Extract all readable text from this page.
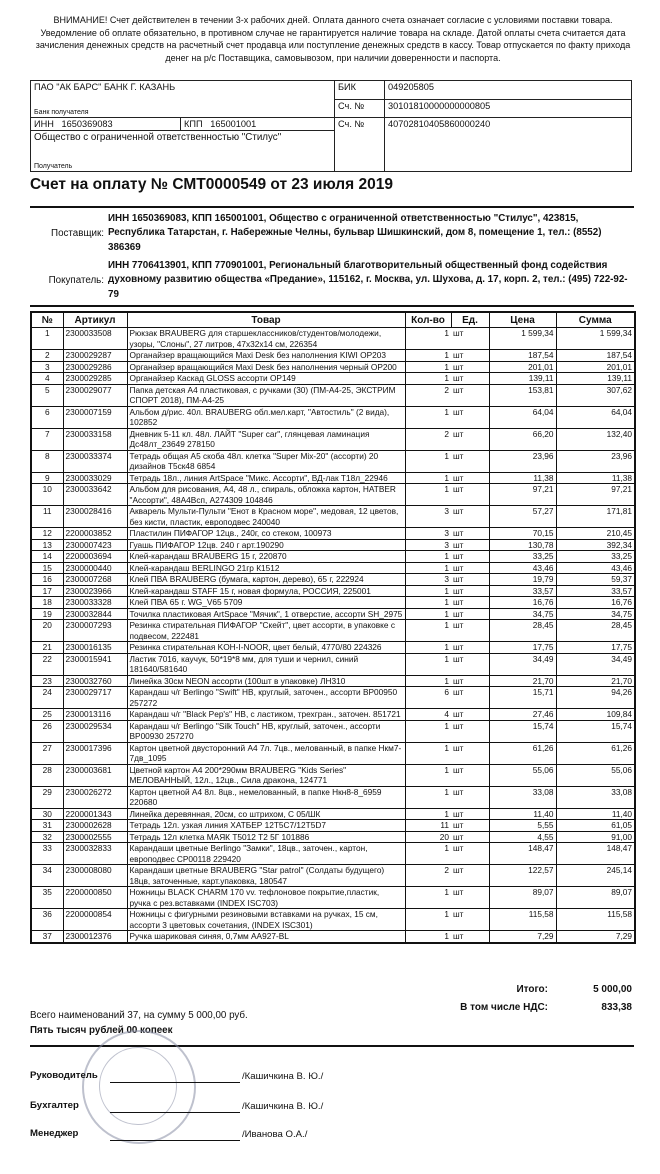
ВНИМАНИЕ! Счет действителен в течении 3-х рабочих дней. Оплата данного счета означает согласие с условиями поставки товара. Уведомление об оплате обязательно, в противном случае не гарантируется наличие товара на складе. Датой оплаты счета считается дата зачисления денежных средств на расчетный счет продавца или поступление денежных средств в кассу. Товар отпускается по факту прихода денег на р/с Поставщика, самовывозом, при наличии доверенности и паспорта.
ПАО "АК БАРС" БАНК Г. КАЗАНЬ
Банк получателя		БИК	049205805
		Сч. №	30101810000000000805
ИНН 1650369083	КПП 165001001	Сч. №	40702810405860000240

Общество с ограниченной ответственностью "Стилус"
Получатель			
Счет на оплату № СМТ0000549 от 23 июля 2019
Поставщик:
ИНН 1650369083, КПП 165001001, Общество с ограниченной ответственностью "Стилус", 423815, Республика Татарстан, г. Набережные Челны, бульвар Шишкинский, дом 8, помещение 1, тел.: (8552) 386369
Покупатель:
ИНН 7706413901, КПП 770901001, Региональный благотворительный общественный фонд содействия духовному развитию общества «Предание», 115162, г. Москва, ул. Шухова, д. 17, корп. 2, тел.: (495) 722-92-79
№	Артикул	Товар	Кол-во	Ед.	Цена	Сумма
1	2300033508	Рюкзак BRAUBERG для старшеклассников/студентов/молодежи, узоры, "Слоны", 27 литров, 47х32х14 см, 226354	1	шт	1 599,34	1 599,34
2	2300029287	Органайзер вращающийся Maxi Desk без наполнения KIWI OP203	1	шт	187,54	187,54
3	2300029286	Органайзер вращающийся Maxi Desk без наполнения черный OP200	1	шт	201,01	201,01
4	2300029285	Органайзер Каскад GLOSS ассорти OP149	1	шт	139,11	139,11
5	2300029077	Папка детская А4 пластиковая, с ручками (30) (ПМ-А4-25, ЭКСТРИМ СПОРТ 2018), ПМ-А4-25	2	шт	153,81	307,62
6	2300007159	Альбом д/рис. 40л. BRAUBERG обл.мел.карт, "Автостиль" (2 вида), 102852	1	шт	64,04	64,04
7	2300033158	Дневник 5-11 кл. 48л. ЛАЙТ "Super car", глянцевая ламинация Дс48лт_23649 278150	2	шт	66,20	132,40
8	2300033374	Тетрадь общая А5 скоба 48л. клетка "Super Mix-20" (ассорти) 20 дизайнов Т5ск48 6854	1	шт	23,96	23,96
9	2300033029	Тетрадь 18л., линия ArtSpace "Микс. Ассорти", ВД-лак Т18л_22946	1	шт	11,38	11,38
10	2300033642	Альбом для рисования, А4, 48 л., спираль, обложка картон, HATBER "Ассорти", 48А4Всп, А274309 104846	1	шт	97,21	97,21
11	2300028416	Акварель Мульти-Пульти "Енот в Красном море", медовая, 12 цветов, без кисти, пластик, европодвес 240040	3	шт	57,27	171,81
12	2200003852	Пластилин ПИФАГОР 12цв., 240г, со стеком, 100973	3	шт	70,15	210,45
13	2300007423	Гуашь ПИФАГОР 12цв. 240 г арт.190290	3	шт	130,78	392,34
14	2200003694	Клей-карандаш BRAUBERG 15 г, 220870	1	шт	33,25	33,25
15	2300000440	Клей-карандаш BERLINGO 21гр К1512	1	шт	43,46	43,46
16	2300007268	Клей ПВА BRAUBERG (бумага, картон, дерево), 65 г, 222924	3	шт	19,79	59,37
17	2300023966	Клей-карандаш STAFF 15 г, новая формула, РОССИЯ, 225001	1	шт	33,57	33,57
18	2300033328	Клей ПВА 65 г. WG_V65 5709	1	шт	16,76	16,76
19	2300032844	Точилка пластиковая ArtSpace "Мячик", 1 отверстие, ассорти SH_2975	1	шт	34,75	34,75
20	2300007293	Резинка стирательная ПИФАГОР "Скейт", цвет ассорти, в упаковке с подвесом, 222481	1	шт	28,45	28,45
21	2300016135	Резинка стирательная KOH-I-NOOR, цвет белый, 4770/80 224326	1	шт	17,75	17,75
22	2300015941	Ластик 7016, каучук, 50*19*8 мм, для туши и чернил, синий 181640/581640	1	шт	34,49	34,49
23	2300032760	Линейка 30см NEON ассорти (100шт в упаковке) ЛН310	1	шт	21,70	21,70
24	2300029717	Карандаш ч/г Berlingo "Swift" HB, круглый, заточен., ассорти BP00950 257272	6	шт	15,71	94,26
25	2300013116	Карандаш ч/г "Black Pep's" HB, с ластиком, трехгран., заточен. 851721	4	шт	27,46	109,84
26	2300029534	Карандаш ч/г Berlingo "Silk Touch" HB, круглый, заточен., ассорти BP00930 257270	1	шт	15,74	15,74
27	2300017396	Картон цветной двусторонний А4 7л. 7цв., мелованный, в папке Нкм7-7дв_1095	1	шт	61,26	61,26
28	2300003681	Цветной картон А4 200*290мм BRAUBERG "Kids Series" МЕЛОВАННЫЙ, 12л., 12цв., Сила дракона, 124771	1	шт	55,06	55,06
29	2300026272	Картон цветной А4 8л. 8цв., немелованный, в папке Нкн8-8_6959 220680	1	шт	33,08	33,08
30	2200001343	Линейка деревянная, 20см, со штрихом, С 05/ШК	1	шт	11,40	11,40
31	2300002628	Тетрадь 12л. узкая линия ХАТБЕР 12Т5С7/12Т5D7	11	шт	5,55	61,05
32	2300002555	Тетрадь 12л клетка МАЯК Т5012 Т2 5Г 101886	20	шт	4,55	91,00
33	2300032833	Карандаши цветные Berlingo "Замки", 18цв., заточен., картон, европодвес CP00118 229420	1	шт	148,47	148,47
34	2300008080	Карандаши цветные BRAUBERG "Star patrol" (Солдаты будущего) 18цв, заточенные, карт.упаковка, 180547	2	шт	122,57	245,14
35	2200000850	Ножницы BLACK CHARM 170 vv. тефлоновое покрытие,пластик, ручка с рез.вставками (INDEX ISC703)	1	шт	89,07	89,07
36	2200000854	Ножницы с фигурными резиновыми вставками на ручках, 15 см, ассорти 3 цветовых сочетания, (INDEX ISC301)	1	шт	115,58	115,58
37	2300012376	Ручка шариковая синяя, 0,7мм АА927-BL	1	шт	7,29	7,29
Итого:	5 000,00
В том числе НДС:	833,38
Всего наименований 37, на сумму 5 000,00 руб.
Пять тысяч рублей 00 копеек
Руководитель	/Кашичкина В. Ю./
Бухгалтер	/Кашичкина В. Ю./
Менеджер	/Иванова О.А./
